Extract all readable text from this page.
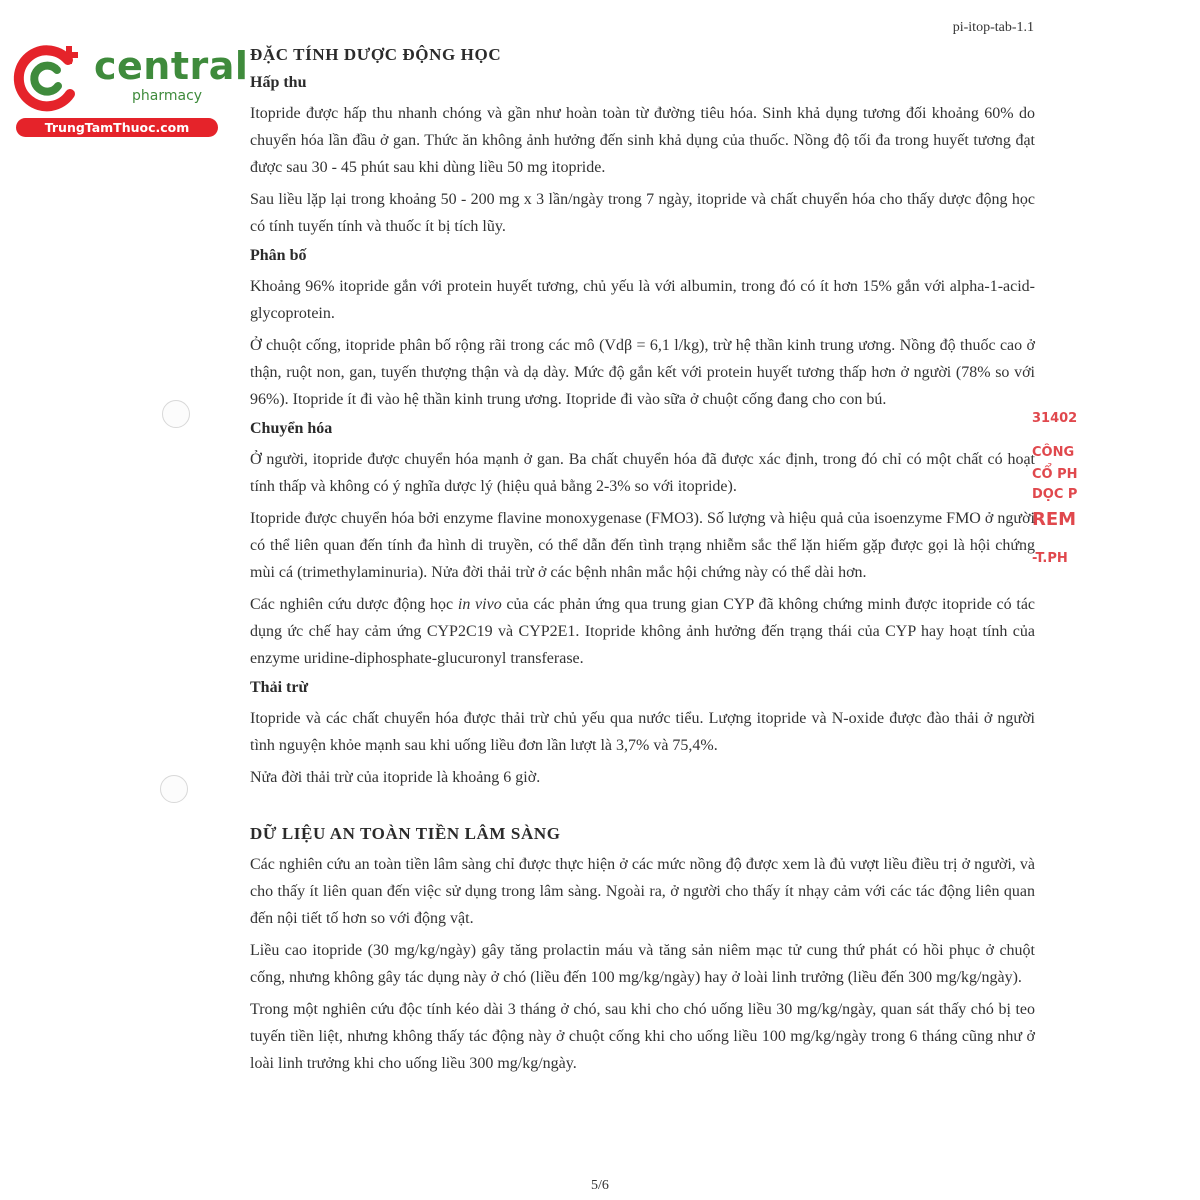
central
pharmacy
TrungTamThuoc.com
pi-itop-tab-1.1
31402
CÔNG
CỔ PH
DỌC P
REM
-T.PH
ĐẶC TÍNH DƯỢC ĐỘNG HỌC
Hấp thu
Itopride được hấp thu nhanh chóng và gần như hoàn toàn từ đường tiêu hóa. Sinh khả dụng tương đối khoảng 60% do chuyển hóa lần đầu ở gan. Thức ăn không ảnh hưởng đến sinh khả dụng của thuốc. Nồng độ tối đa trong huyết tương đạt được sau 30 - 45 phút sau khi dùng liều 50 mg itopride.
Sau liều lặp lại trong khoảng 50 - 200 mg x 3 lần/ngày trong 7 ngày, itopride và chất chuyển hóa cho thấy dược động học có tính tuyến tính và thuốc ít bị tích lũy.
Phân bố
Khoảng 96% itopride gắn với protein huyết tương, chủ yếu là với albumin, trong đó có ít hơn 15% gắn với alpha-1-acid-glycoprotein.
Ở chuột cống, itopride phân bố rộng rãi trong các mô (Vdβ = 6,1 l/kg), trừ hệ thần kinh trung ương. Nồng độ thuốc cao ở thận, ruột non, gan, tuyến thượng thận và dạ dày. Mức độ gắn kết với protein huyết tương thấp hơn ở người (78% so với 96%). Itopride ít đi vào hệ thần kinh trung ương. Itopride đi vào sữa ở chuột cống đang cho con bú.
Chuyển hóa
Ở người, itopride được chuyển hóa mạnh ở gan. Ba chất chuyển hóa đã được xác định, trong đó chỉ có một chất có hoạt tính thấp và không có ý nghĩa dược lý (hiệu quả bằng 2-3% so với itopride).
Itopride được chuyển hóa bởi enzyme flavine monoxygenase (FMO3). Số lượng và hiệu quả của isoenzyme FMO ở người có thể liên quan đến tính đa hình di truyền, có thể dẫn đến tình trạng nhiễm sắc thể lặn hiếm gặp được gọi là hội chứng mùi cá (trimethylaminuria). Nửa đời thải trừ ở các bệnh nhân mắc hội chứng này có thể dài hơn.
Các nghiên cứu dược động học in vivo của các phản ứng qua trung gian CYP đã không chứng minh được itopride có tác dụng ức chế hay cảm ứng CYP2C19 và CYP2E1. Itopride không ảnh hưởng đến trạng thái của CYP hay hoạt tính của enzyme uridine-diphosphate-glucuronyl transferase.
Thải trừ
Itopride và các chất chuyển hóa được thải trừ chủ yếu qua nước tiểu. Lượng itopride và N-oxide được đào thải ở người tình nguyện khỏe mạnh sau khi uống liều đơn lần lượt là 3,7% và 75,4%.
Nửa đời thải trừ của itopride là khoảng 6 giờ.
DỮ LIỆU AN TOÀN TIỀN LÂM SÀNG
Các nghiên cứu an toàn tiền lâm sàng chỉ được thực hiện ở các mức nồng độ được xem là đủ vượt liều điều trị ở người, và cho thấy ít liên quan đến việc sử dụng trong lâm sàng. Ngoài ra, ở người cho thấy ít nhạy cảm với các tác động liên quan đến nội tiết tố hơn so với động vật.
Liều cao itopride (30 mg/kg/ngày) gây tăng prolactin máu và tăng sản niêm mạc tử cung thứ phát có hồi phục ở chuột cống, nhưng không gây tác dụng này ở chó (liều đến 100 mg/kg/ngày) hay ở loài linh trưởng (liều đến 300 mg/kg/ngày).
Trong một nghiên cứu độc tính kéo dài 3 tháng ở chó, sau khi cho chó uống liều 30 mg/kg/ngày, quan sát thấy chó bị teo tuyến tiền liệt, nhưng không thấy tác động này ở chuột cống khi cho uống liều 100 mg/kg/ngày trong 6 tháng cũng như ở loài linh trưởng khi cho uống liều 300 mg/kg/ngày.
5/6
